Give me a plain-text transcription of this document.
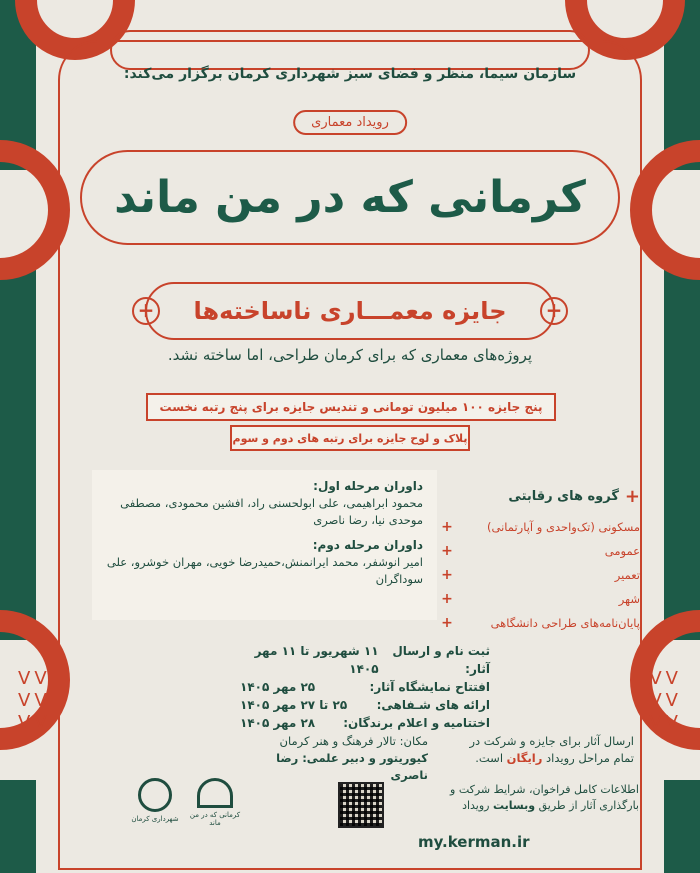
ᐯᐯ
ᐯᐯ
ᐯᐯ
ᐯᐯ
ᐯᐯ
ᐯᐯ
سازمان سیما، منظر و فضای سبز شهرداری کرمان برگزار می‌کند:
رویداد معماری
کرمانی که در من ماند
جایزه معمـــاری ناساخته‌ها
+	+
پروژه‌های معماری که برای کرمان طراحی، اما ساخته نشد.
پنج جایزه ۱۰۰ میلیون تومانی و تندیس جایزه برای پنج رتبه نخست
پلاک و لوح جایزه برای رتبه های دوم و سوم
داوران مرحله اول:
محمود ابراهیمی، علی ابولحسنی راد، افشین محمودی، مصطفی موحدی نیا، رضا ناصری
داوران مرحله دوم:
امیر انوشفر، محمد ایرانمنش،حمیدرضا خویی، مهران خوشرو، علی سوداگران
+
گروه های رقابتی
مسکونی (تک‌واحدی و آپارتمانی)
+
عمومی
+
تعمیر
+
شهر
+
پایان‌نامه‌های طراحی دانشگاهی
+
ثبت نام و ارسال آثار:
۱۱ شهریور تا ۱۱ مهر ۱۴۰۵
افتتاح نمایشگاه آثار:
۲۵ مهر ۱۴۰۵
ارائه های شـفاهی:
۲۵ تا ۲۷ مهر ۱۴۰۵
اختتامیه و اعلام برندگان:
۲۸ مهر ۱۴۰۵
مکان: تالار فرهنگ و هنر کرمان
کیوریتور و دبیر علمی: رضا ناصری
ارسال آثار برای جایزه و شرکت در
تمام مراحل رویداد رایگان است.
اطلاعات کامل فراخوان، شرایط شرکت و
بارگذاری آثار از طریق وبسایت رویداد
my.kerman.ir
شهرداری کرمان	کرمانی که در من ماند
